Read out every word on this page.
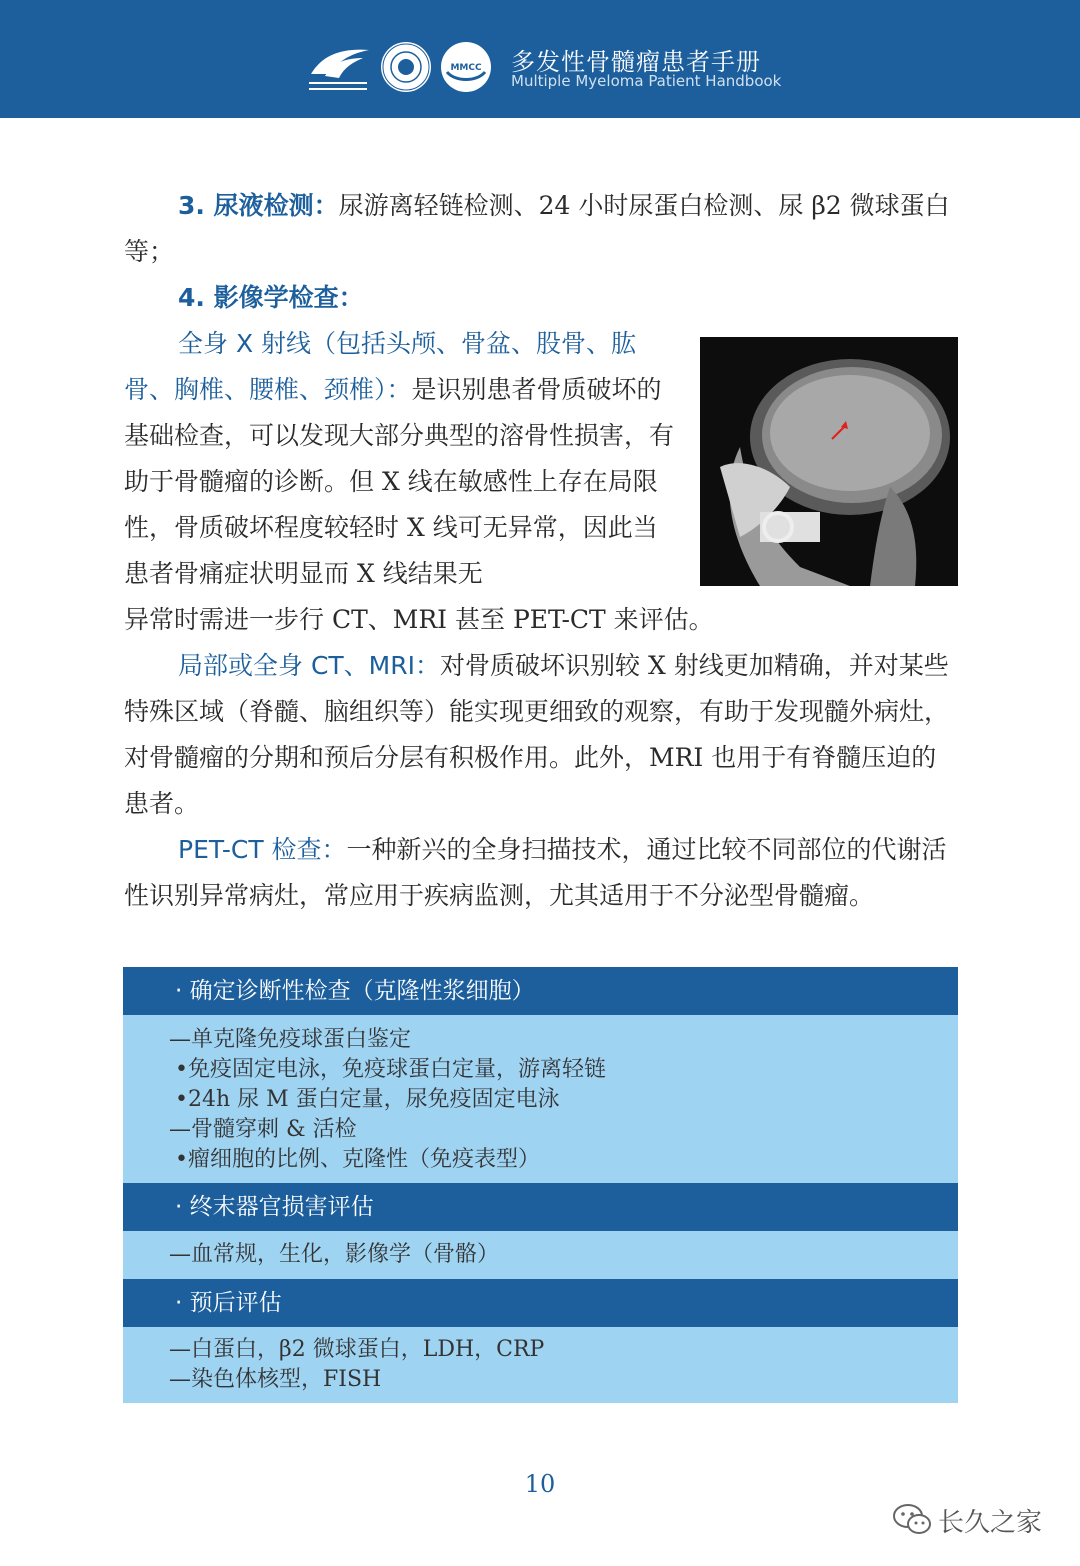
MMCC 多发性骨髓瘤患者手册
Multiple Myeloma Patient Handbook

3. 尿液检测：尿游离轻链检测、24 小时尿蛋白检测、尿 β2 微球蛋白等；

4. 影像学检查：

全身 X 射线（包括头颅、骨盆、股骨、肱骨、胸椎、腰椎、颈椎）：是识别患者骨质破坏的基础检查，可以发现大部分典型的溶骨性损害，有助于骨髓瘤的诊断。但 X 线在敏感性上存在局限性，骨质破坏程度较轻时 X 线可无异常，因此当患者骨痛症状明显而 X 线结果无

异常时需进一步行 CT、MRI 甚至 PET-CT 来评估。

局部或全身 CT、MRI：对骨质破坏识别较 X 射线更加精确，并对某些特殊区域（脊髓、脑组织等）能实现更细致的观察，有助于发现髓外病灶，对骨髓瘤的分期和预后分层有积极作用。此外，MRI 也用于有脊髓压迫的患者。

PET-CT 检查：一种新兴的全身扫描技术，通过比较不同部位的代谢活性识别异常病灶，常应用于疾病监测，尤其适用于不分泌型骨髓瘤。

· 确定诊断性检查（克隆性浆细胞）
—单克隆免疫球蛋白鉴定
•免疫固定电泳，免疫球蛋白定量，游离轻链
•24h 尿 M 蛋白定量，尿免疫固定电泳
—骨髓穿刺 & 活检
•瘤细胞的比例、克隆性（免疫表型）
· 终末器官损害评估
—血常规，生化，影像学（骨骼）
· 预后评估
—白蛋白，β2 微球蛋白，LDH，CRP
—染色体核型，FISH
10
长久之家
